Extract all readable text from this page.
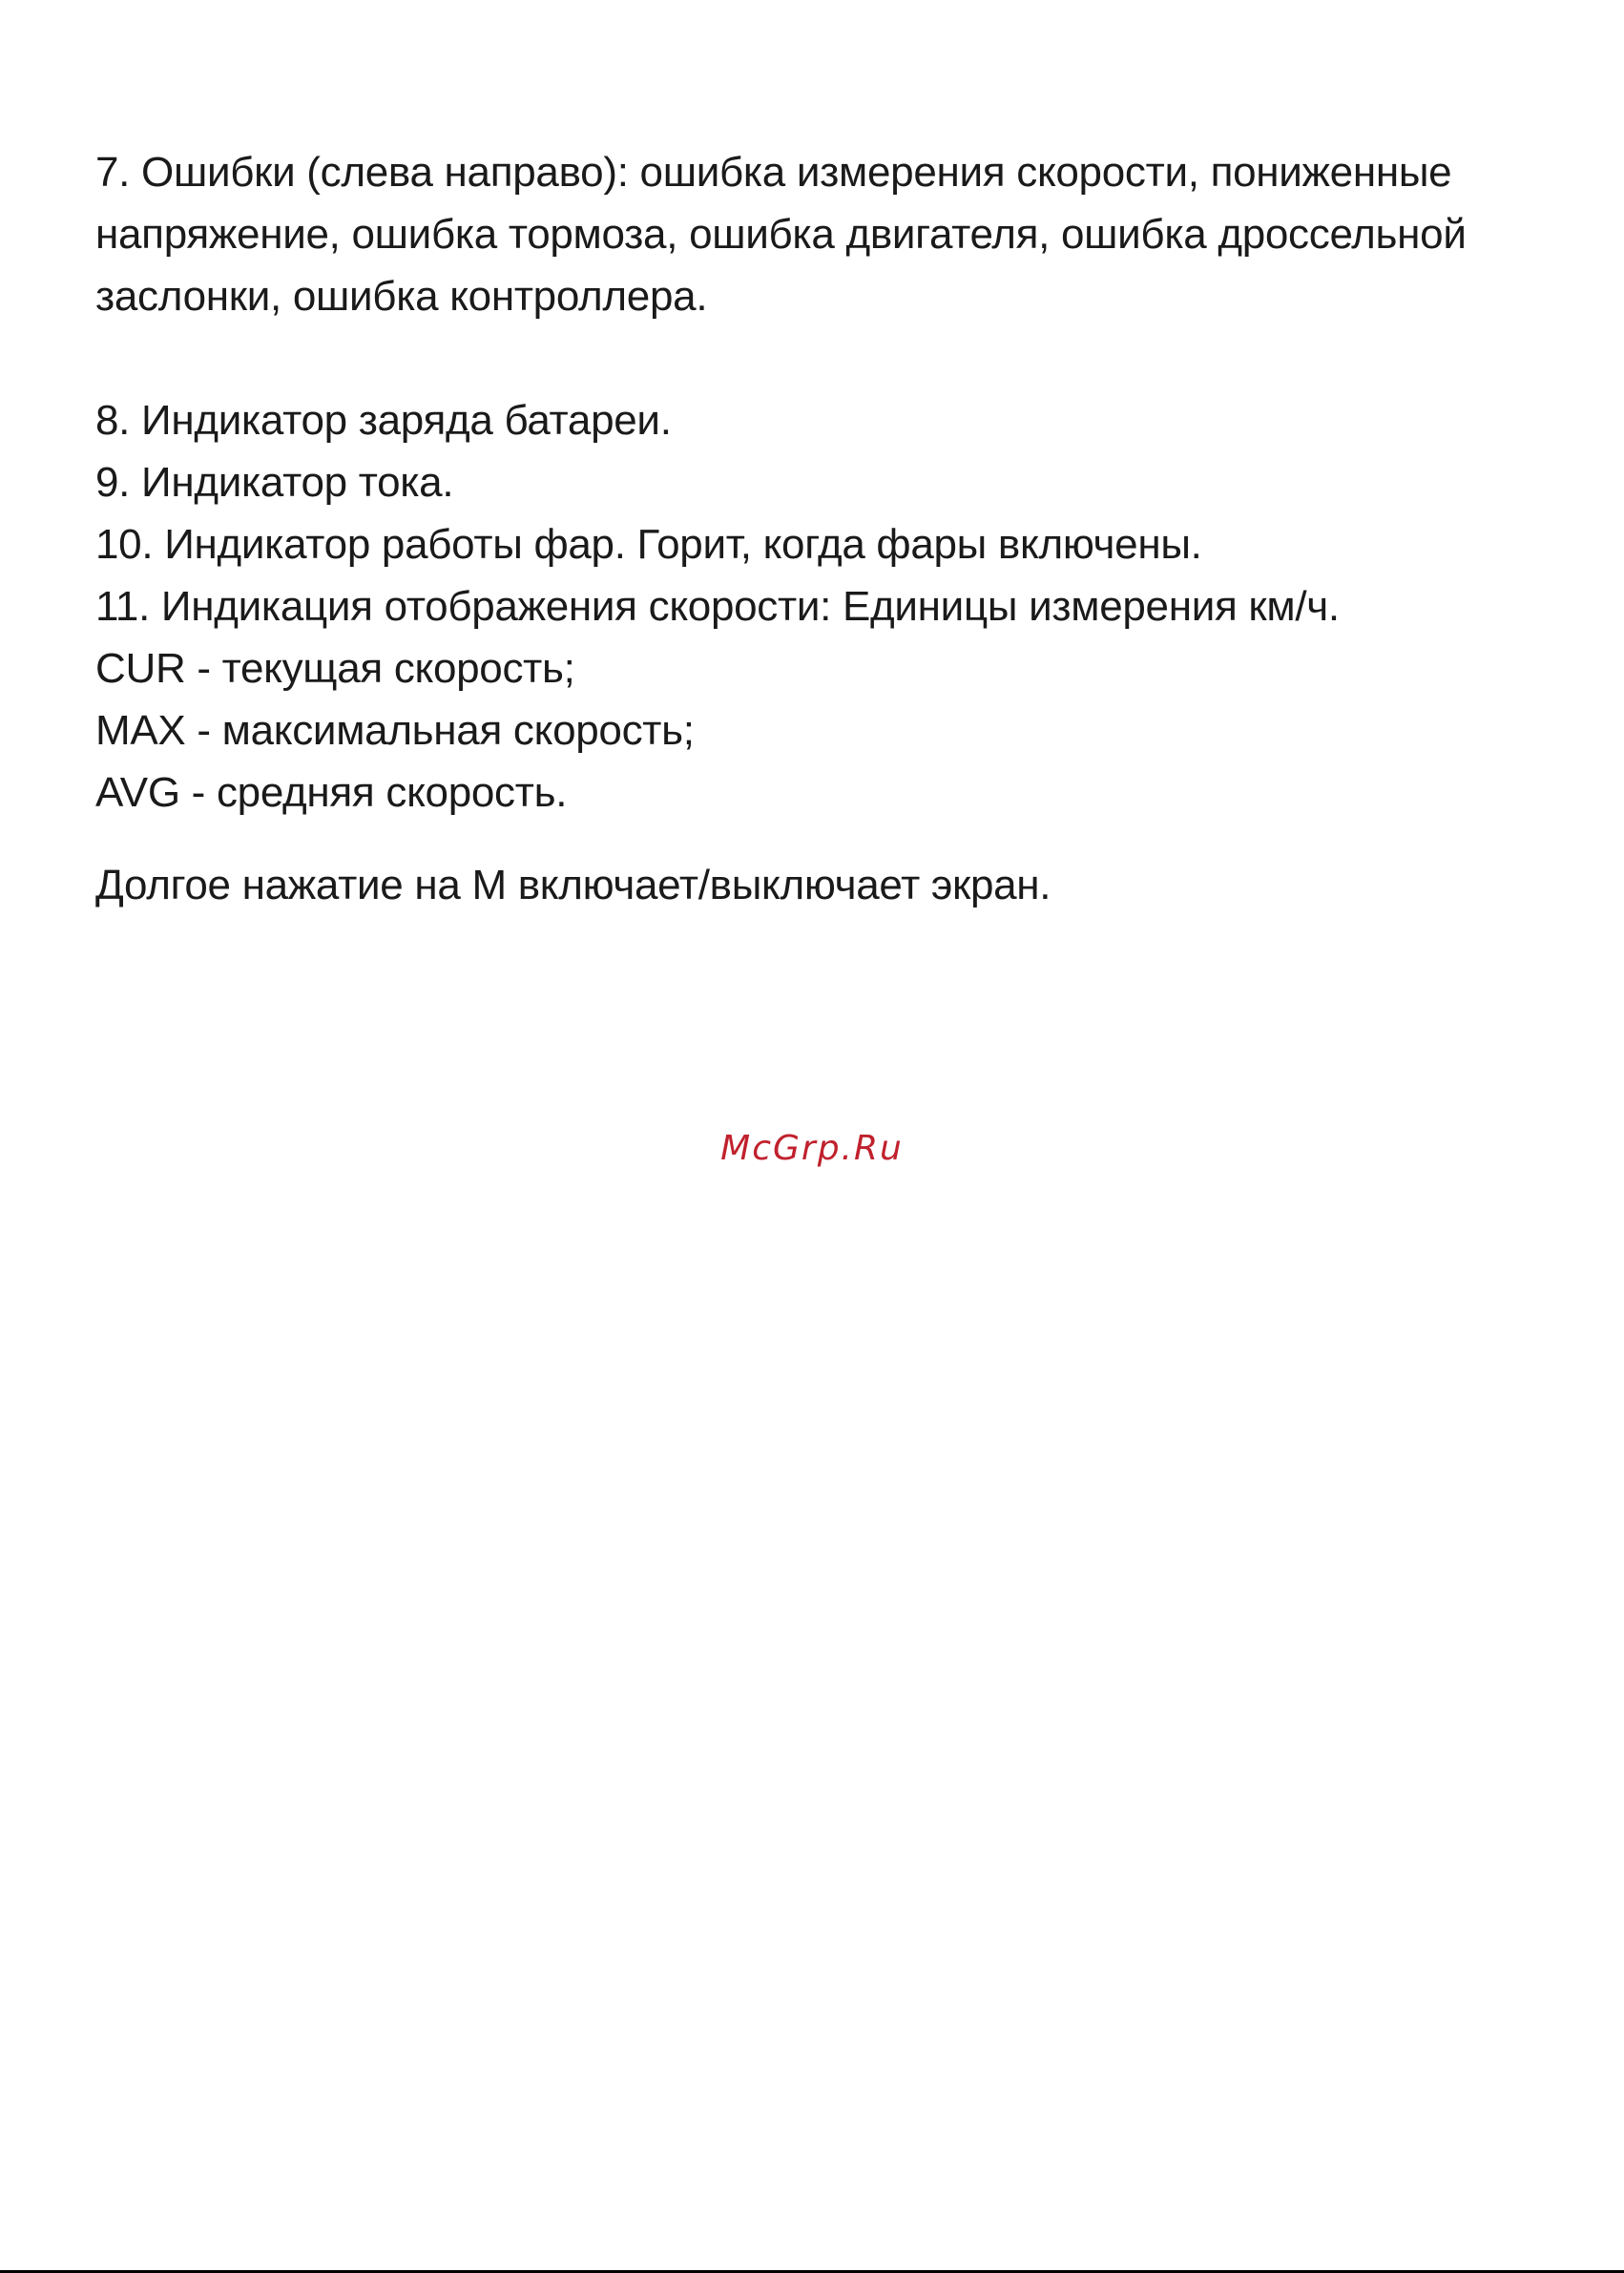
7. Ошибки (слева направо): ошибка измерения скорости, пониженные

напряжение, ошибка тормоза, ошибка двигателя, ошибка дроссельной

заслонки, ошибка контроллера.

8. Индикатор заряда батареи.

9. Индикатор тока.

10. Индикатор работы фар. Горит, когда фары включены.

11. Индикация отображения скорости: Единицы измерения км/ч.

CUR - текущая скорость;

MAX - максимальная скорость;

AVG - средняя скорость.

Долгое нажатие на М включает/выключает экран.

McGrp.Ru
